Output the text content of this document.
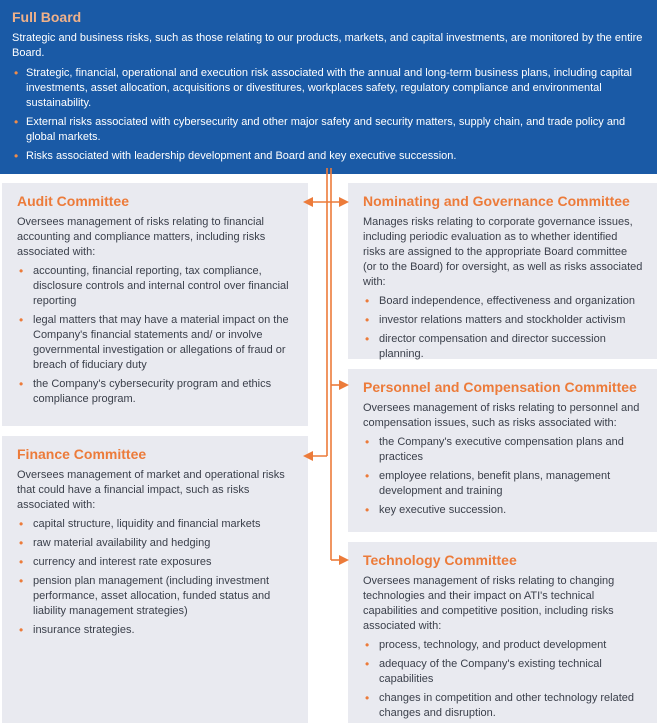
Full Board

Strategic and business risks, such as those relating to our products, markets, and capital investments, are monitored by the entire Board.

• Strategic, financial, operational and execution risk associated with the annual and long-term business plans, including capital investments, asset allocation, acquisitions or divestitures, workplaces safety, regulatory compliance and environmental sustainability.
• External risks associated with cybersecurity and other major safety and security matters, supply chain, and trade policy and global markets.
• Risks associated with leadership development and Board and key executive succession.
Audit Committee

Oversees management of risks relating to financial accounting and compliance matters, including risks associated with:

• accounting, financial reporting, tax compliance, disclosure controls and internal control over financial reporting
• legal matters that may have a material impact on the Company's financial statements and/ or involve governmental investigation or allegations of fraud or breach of fiduciary duty
• the Company's cybersecurity program and ethics compliance program.
Finance Committee

Oversees management of market and operational risks that could have a financial impact, such as risks associated with:

• capital structure, liquidity and financial markets
• raw material availability and hedging
• currency and interest rate exposures
• pension plan management (including investment performance, asset allocation, funded status and liability management strategies)
• insurance strategies.
Nominating and Governance Committee

Manages risks relating to corporate governance issues, including periodic evaluation as to whether identified risks are assigned to the appropriate Board committee (or to the Board) for oversight, as well as risks associated with:

• Board independence, effectiveness and organization
• investor relations matters and stockholder activism
• director compensation and director succession planning.
Personnel and Compensation Committee

Oversees management of risks relating to personnel and compensation issues, such as risks associated with:

• the Company's executive compensation plans and practices
• employee relations, benefit plans, management development and training
• key executive succession.
Technology Committee

Oversees management of risks relating to changing technologies and their impact on ATI's technical capabilities and competitive position, including risks associated with:

• process, technology, and product development
• adequacy of the Company's existing technical capabilities
• changes in competition and other technology related changes and disruption.
